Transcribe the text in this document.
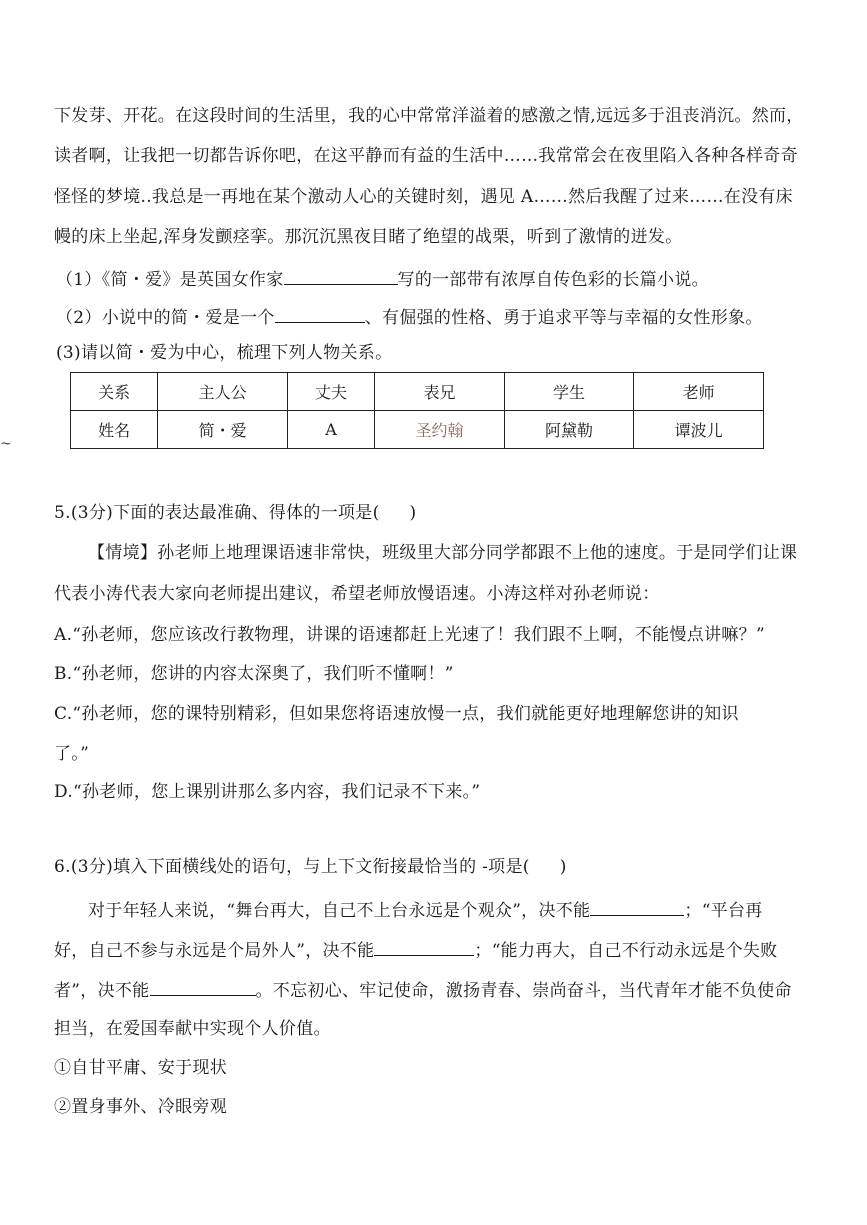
~
下发芽、开花。在这段时间的生活里，我的心中常常洋溢着的感激之情,远远多于沮丧消沉。然而，
读者啊，让我把一切都告诉你吧，在这平静而有益的生活中……我常常会在夜里陷入各种各样奇奇
怪怪的梦境..我总是一再地在某个激动人心的关键时刻，遇见 A……然后我醒了过来……在没有床
幔的床上坐起,浑身发颤痉挛。那沉沉黑夜目睹了绝望的战栗，听到了激情的迸发。
（1）《简・爱》是英国女作家	写的一部带有浓厚自传色彩的长篇小说。
（2）小说中的简・爱是一个	、有倔强的性格、勇于追求平等与幸福的女性形象。
(3)请以简・爱为中心，梳理下列人物关系。
关系	主人公	丈夫	表兄	学生	老师
姓名	简・爱	A	圣约翰	阿黛勒	谭波儿
5.(3分)下面的表达最准确、得体的一项是( )
【情境】孙老师上地理课语速非常快，班级里大部分同学都跟不上他的速度。于是同学们让课
代表小涛代表大家向老师提出建议，希望老师放慢语速。小涛这样对孙老师说：
A.“孙老师，您应该改行教物理，讲课的语速都赶上光速了！我们跟不上啊，不能慢点讲嘛？”
B.“孙老师，您讲的内容太深奥了，我们听不懂啊！”
C.“孙老师，您的课特别精彩，但如果您将语速放慢一点，我们就能更好地理解您讲的知识
了。”
D.“孙老师，您上课别讲那么多内容，我们记录不下来。”
6.(3分)填入下面横线处的语句，与上下文衔接最恰当的 -项是( )
对于年轻人来说，“舞台再大，自己不上台永远是个观众”，决不能	；“平台再
好，自己不参与永远是个局外人”，决不能	；“能力再大，自己不行动永远是个失败
者”，决不能	。不忘初心、牢记使命，激扬青春、崇尚奋斗，当代青年才能不负使命
担当，在爱国奉献中实现个人价值。
①自甘平庸、安于现状
②置身事外、冷眼旁观
